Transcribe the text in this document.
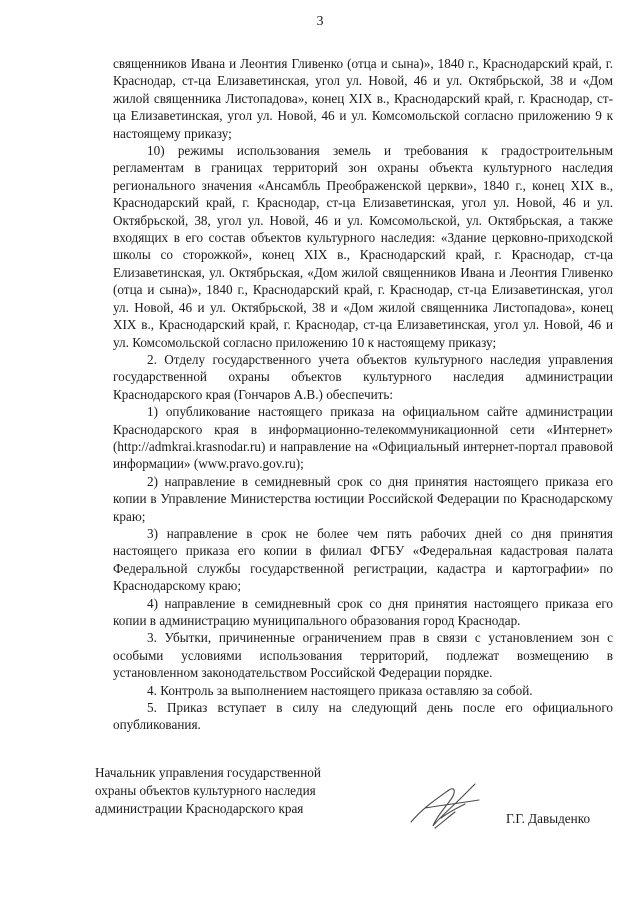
3

священников Ивана и Леонтия Гливенко (отца и сына)», 1840 г., Краснодарский край, г. Краснодар, ст-ца Елизаветинская, угол ул. Новой, 46 и ул. Октябрьской, 38 и «Дом жилой священника Листопадова», конец XIX в., Краснодарский край, г. Краснодар, ст-ца Елизаветинская, угол ул. Новой, 46 и ул. Комсомольской согласно приложению 9 к настоящему приказу;

10) режимы использования земель и требования к градостроительным регламентам в границах территорий зон охраны объекта культурного наследия регионального значения «Ансамбль Преображенской церкви», 1840 г., конец XIX в., Краснодарский край, г. Краснодар, ст-ца Елизаветинская, угол ул. Новой, 46 и ул. Октябрьской, 38, угол ул. Новой, 46 и ул. Комсомольской, ул. Октябрьская, а также входящих в его состав объектов культурного наследия: «Здание церковно-приходской школы со сторожкой», конец XIX в., Краснодарский край, г. Краснодар, ст-ца Елизаветинская, ул. Октябрьская, «Дом жилой священников Ивана и Леонтия Гливенко (отца и сына)», 1840 г., Краснодарский край, г. Краснодар, ст-ца Елизаветинская, угол ул. Новой, 46 и ул. Октябрьской, 38 и «Дом жилой священника Листопадова», конец XIX в., Краснодарский край, г. Краснодар, ст-ца Елизаветинская, угол ул. Новой, 46 и ул. Комсомольской согласно приложению 10 к настоящему приказу;

2. Отделу государственного учета объектов культурного наследия управления государственной охраны объектов культурного наследия администрации Краснодарского края (Гончаров А.В.) обеспечить:

1) опубликование настоящего приказа на официальном сайте администрации Краснодарского края в информационно-телекоммуникационной сети «Интернет» (http://admkrai.krasnodar.ru) и направление на «Официальный интернет-портал правовой информации» (www.pravo.gov.ru);

2) направление в семидневный срок со дня принятия настоящего приказа его копии в Управление Министерства юстиции Российской Федерации по Краснодарскому краю;

3) направление в срок не более чем пять рабочих дней со дня принятия настоящего приказа его копии в филиал ФГБУ «Федеральная кадастровая палата Федеральной службы государственной регистрации, кадастра и картографии» по Краснодарскому краю;

4) направление в семидневный срок со дня принятия настоящего приказа его копии в администрацию муниципального образования город Краснодар.

3. Убытки, причиненные ограничением прав в связи с установлением зон с особыми условиями использования территорий, подлежат возмещению в установленном законодательством Российской Федерации порядке.

4. Контроль за выполнением настоящего приказа оставляю за собой.

5. Приказ вступает в силу на следующий день после его официального опубликования.

Начальник управления государственной
охраны объектов культурного наследия
администрации Краснодарского края
Г.Г. Давыденко
